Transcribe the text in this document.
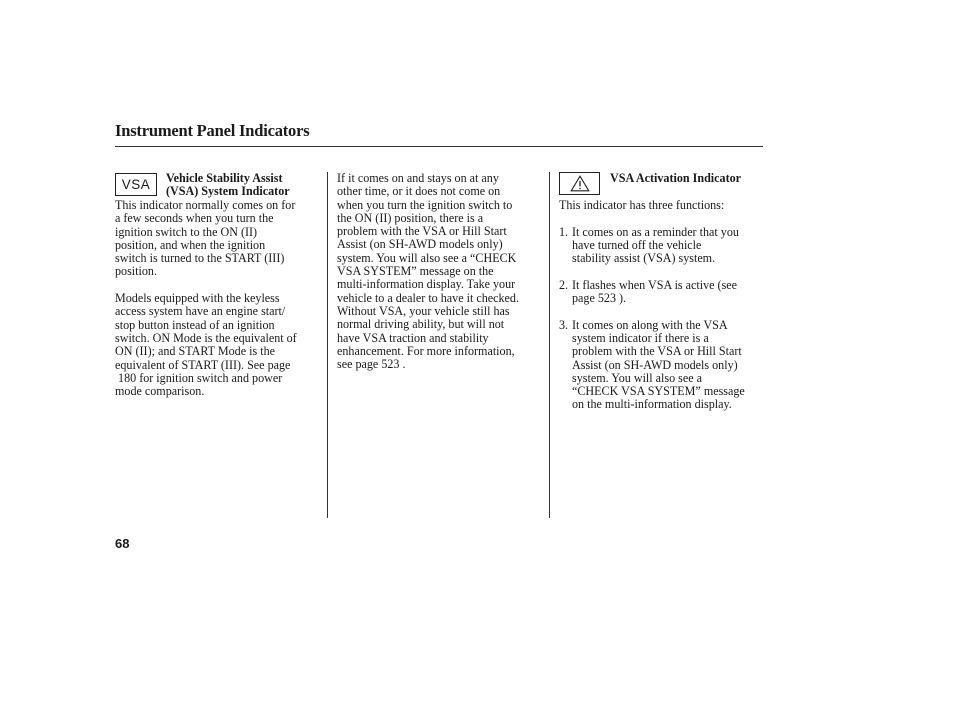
Instrument Panel Indicators
VSA Vehicle Stability Assist
(VSA) System Indicator
This indicator normally comes on for
a few seconds when you turn the
ignition switch to the ON (II)
position, and when the ignition
switch is turned to the START (III)
position.
Models equipped with the keyless
access system have an engine start/
stop button instead of an ignition
switch. ON Mode is the equivalent of
ON (II); and START Mode is the
equivalent of START (III). See page
180 for ignition switch and power
mode comparison.
If it comes on and stays on at any
other time, or it does not come on
when you turn the ignition switch to
the ON (II) position, there is a
problem with the VSA or Hill Start
Assist (on SH-AWD models only)
system. You will also see a “CHECK
VSA SYSTEM” message on the
multi-information display. Take your
vehicle to a dealer to have it checked.
Without VSA, your vehicle still has
normal driving ability, but will not
have VSA traction and stability
enhancement. For more information,
see page 523 .
VSA Activation Indicator
This indicator has three functions:
1. It comes on as a reminder that you
have turned off the vehicle
stability assist (VSA) system.
2. It flashes when VSA is active (see
page 523 ).
3. It comes on along with the VSA
system indicator if there is a
problem with the VSA or Hill Start
Assist (on SH-AWD models only)
system. You will also see a
“CHECK VSA SYSTEM” message
on the multi-information display.
68
